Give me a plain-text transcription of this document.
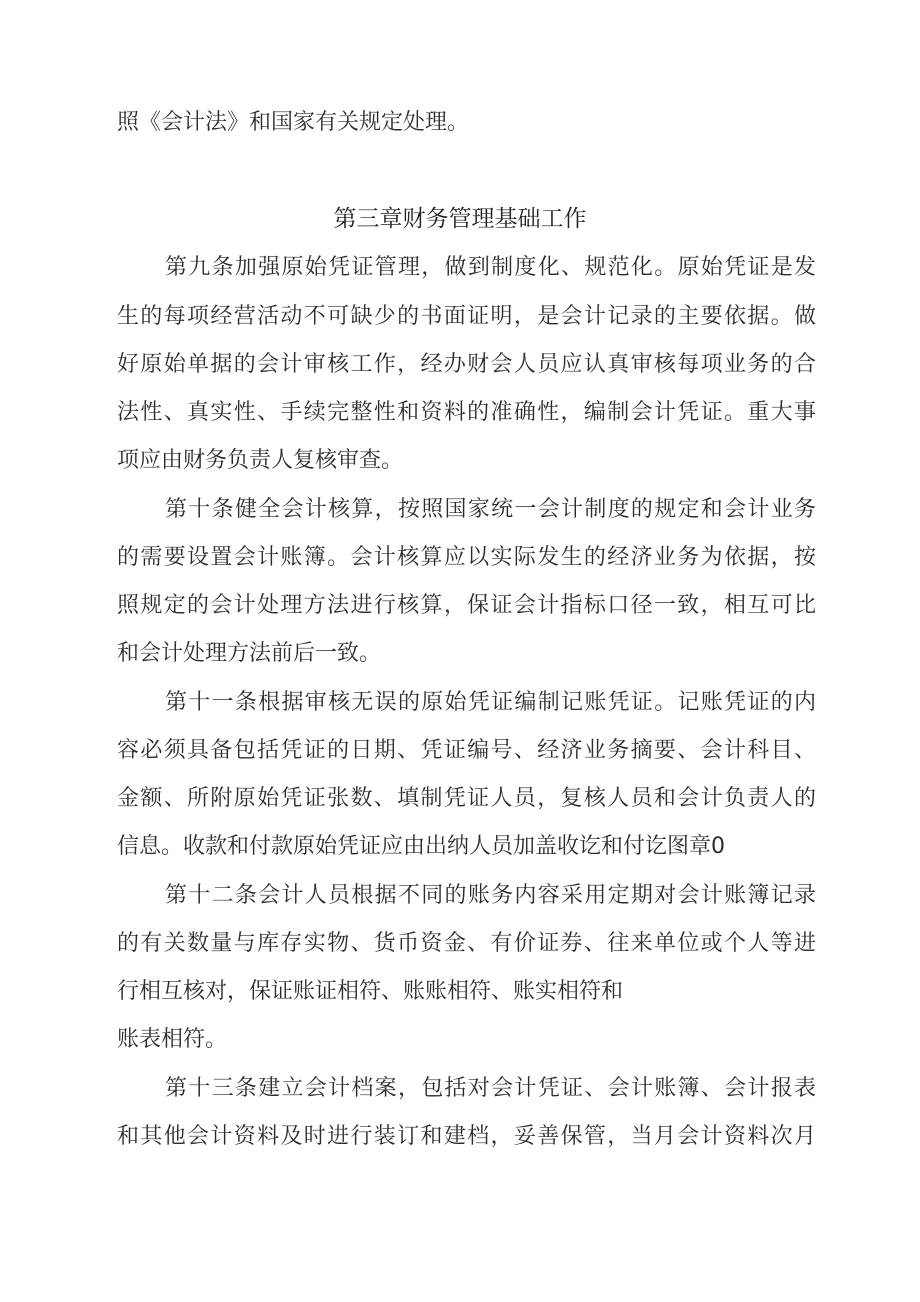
照《会计法》和国家有关规定处理。
第三章财务管理基础工作
第九条加强原始凭证管理，做到制度化、规范化。原始凭证是发
生的每项经营活动不可缺少的书面证明，是会计记录的主要依据。做
好原始单据的会计审核工作，经办财会人员应认真审核每项业务的合
法性、真实性、手续完整性和资料的准确性，编制会计凭证。重大事
项应由财务负责人复核审查。
第十条健全会计核算，按照国家统一会计制度的规定和会计业务
的需要设置会计账簿。会计核算应以实际发生的经济业务为依据，按
照规定的会计处理方法进行核算，保证会计指标口径一致，相互可比
和会计处理方法前后一致。
第十一条根据审核无误的原始凭证编制记账凭证。记账凭证的内
容必须具备包括凭证的日期、凭证编号、经济业务摘要、会计科目、
金额、所附原始凭证张数、填制凭证人员，复核人员和会计负责人的
信息。收款和付款原始凭证应由出纳人员加盖收讫和付讫图章0
第十二条会计人员根据不同的账务内容采用定期对会计账簿记录
的有关数量与库存实物、货币资金、有价证券、往来单位或个人等进
行相互核对，保证账证相符、账账相符、账实相符和
账表相符。
第十三条建立会计档案，包括对会计凭证、会计账簿、会计报表
和其他会计资料及时进行装订和建档，妥善保管，当月会计资料次月
